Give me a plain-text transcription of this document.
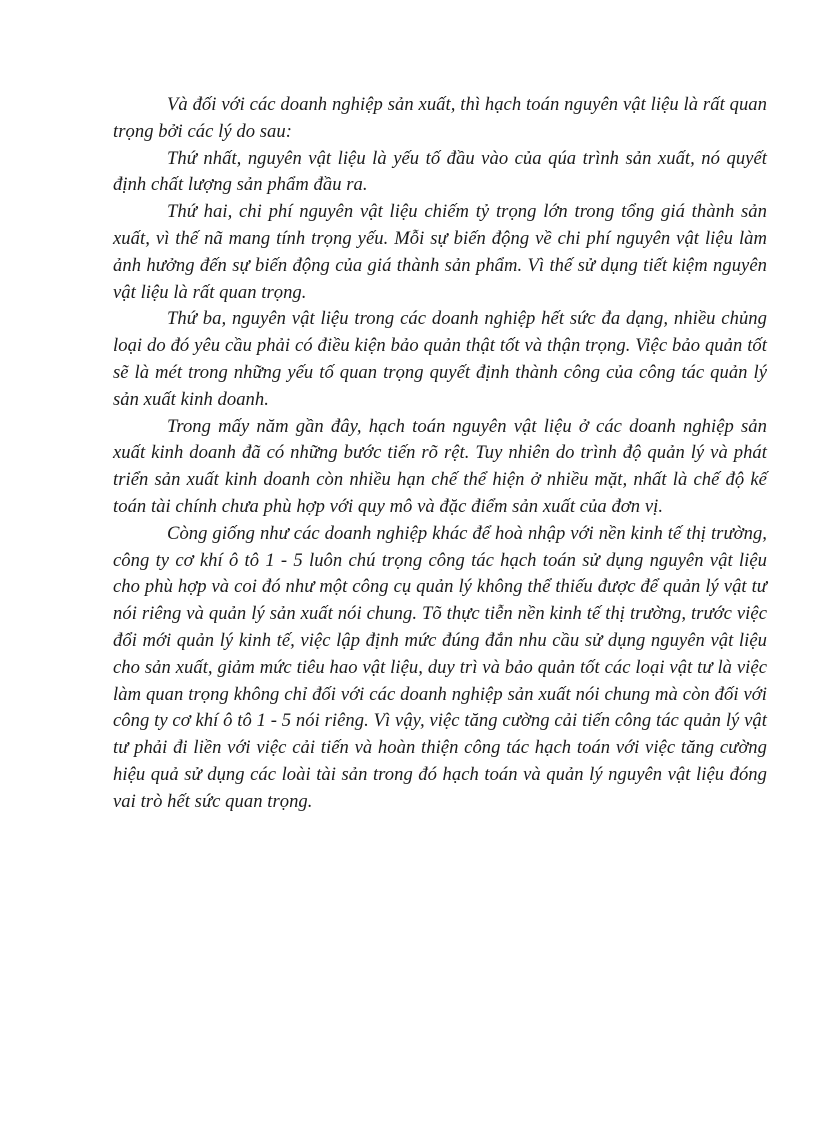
Và đối với các doanh nghiệp sản xuất, thì hạch toán nguyên vật liệu là rất quan trọng bởi các lý do sau:

Thứ nhất, nguyên vật liệu là yếu tố đầu vào của qúa trình sản xuất, nó quyết định chất lượng sản phẩm đầu ra.

Thứ hai, chi phí nguyên vật liệu chiếm tỷ trọng lớn trong tổng giá thành sản xuất, vì thế nã mang tính trọng yếu. Mỗi sự biến động về chi phí nguyên vật liệu làm ảnh hưởng đến sự biến động của giá thành sản phẩm. Vì thế sử dụng tiết kiệm nguyên vật liệu là rất quan trọng.

Thứ ba, nguyên vật liệu trong các doanh nghiệp hết sức đa dạng, nhiều chủng loại do đó yêu cầu phải có điều kiện bảo quản thật tốt và thận trọng. Việc bảo quản tốt sẽ là mét trong những yếu tố quan trọng quyết định thành công của công tác quản lý sản xuất kinh doanh.

Trong mấy năm gần đây, hạch toán nguyên vật liệu ở các doanh nghiệp sản xuất kinh doanh đã có những bước tiến rõ rệt. Tuy nhiên do trình độ quản lý và phát triển sản xuất kinh doanh còn nhiều hạn chế thể hiện ở nhiều mặt, nhất là chế độ kế toán tài chính chưa phù hợp với quy mô và đặc điểm sản xuất của đơn vị.

Còng giống như các doanh nghiệp khác để hoà nhập với nền kinh tế thị trường, công ty cơ khí ô tô 1 - 5 luôn chú trọng công tác hạch toán sử dụng nguyên vật liệu cho phù hợp và coi đó như một công cụ quản lý không thể thiếu được để quản lý vật tư nói riêng và quản lý sản xuất nói chung. Tõ thực tiễn nền kinh tế thị trường, trước việc đổi mới quản lý kinh tế, việc lập định mức đúng đắn nhu cầu sử dụng nguyên vật liệu cho sản xuất, giảm mức tiêu hao vật liệu, duy trì và bảo quản tốt các loại vật tư là việc làm quan trọng không chỉ đối với các doanh nghiệp sản xuất nói chung mà còn đối với công ty cơ khí ô tô 1 - 5 nói riêng. Vì vậy, việc tăng cường cải tiến công tác quản lý vật tư phải đi liền với việc cải tiến và hoàn thiện công tác hạch toán với việc tăng cường hiệu quả sử dụng các loài tài sản trong đó hạch toán và quản lý nguyên vật liệu đóng vai trò hết sức quan trọng.
